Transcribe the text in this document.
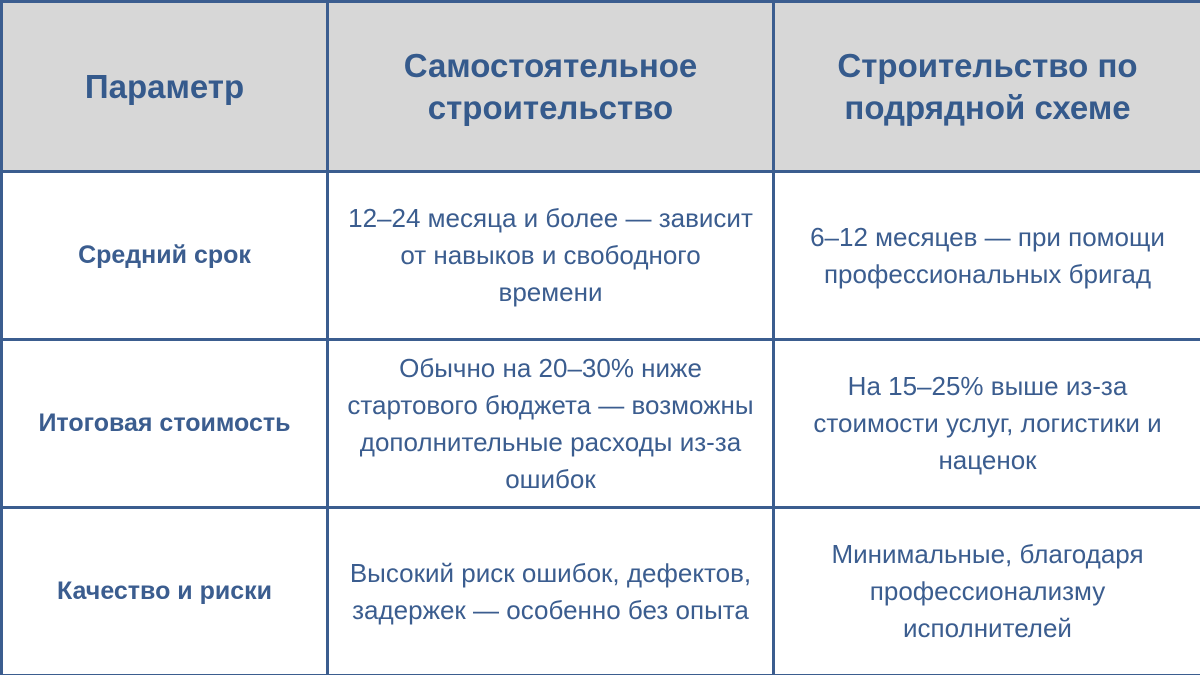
Параметр	Самостоятельное строительство	Строительство по подрядной схеме
Средний срок	12–24 месяца и более — зависит от навыков и свободного времени	6–12 месяцев — при помощи профессиональных бригад
Итоговая стоимость	Обычно на 20–30% ниже стартового бюджета — возможны дополнительные расходы из-за ошибок	На 15–25% выше из-за стоимости услуг, логистики и наценок
Качество и риски	Высокий риск ошибок, дефектов, задержек — особенно без опыта	Минимальные, благодаря профессионализму исполнителей
